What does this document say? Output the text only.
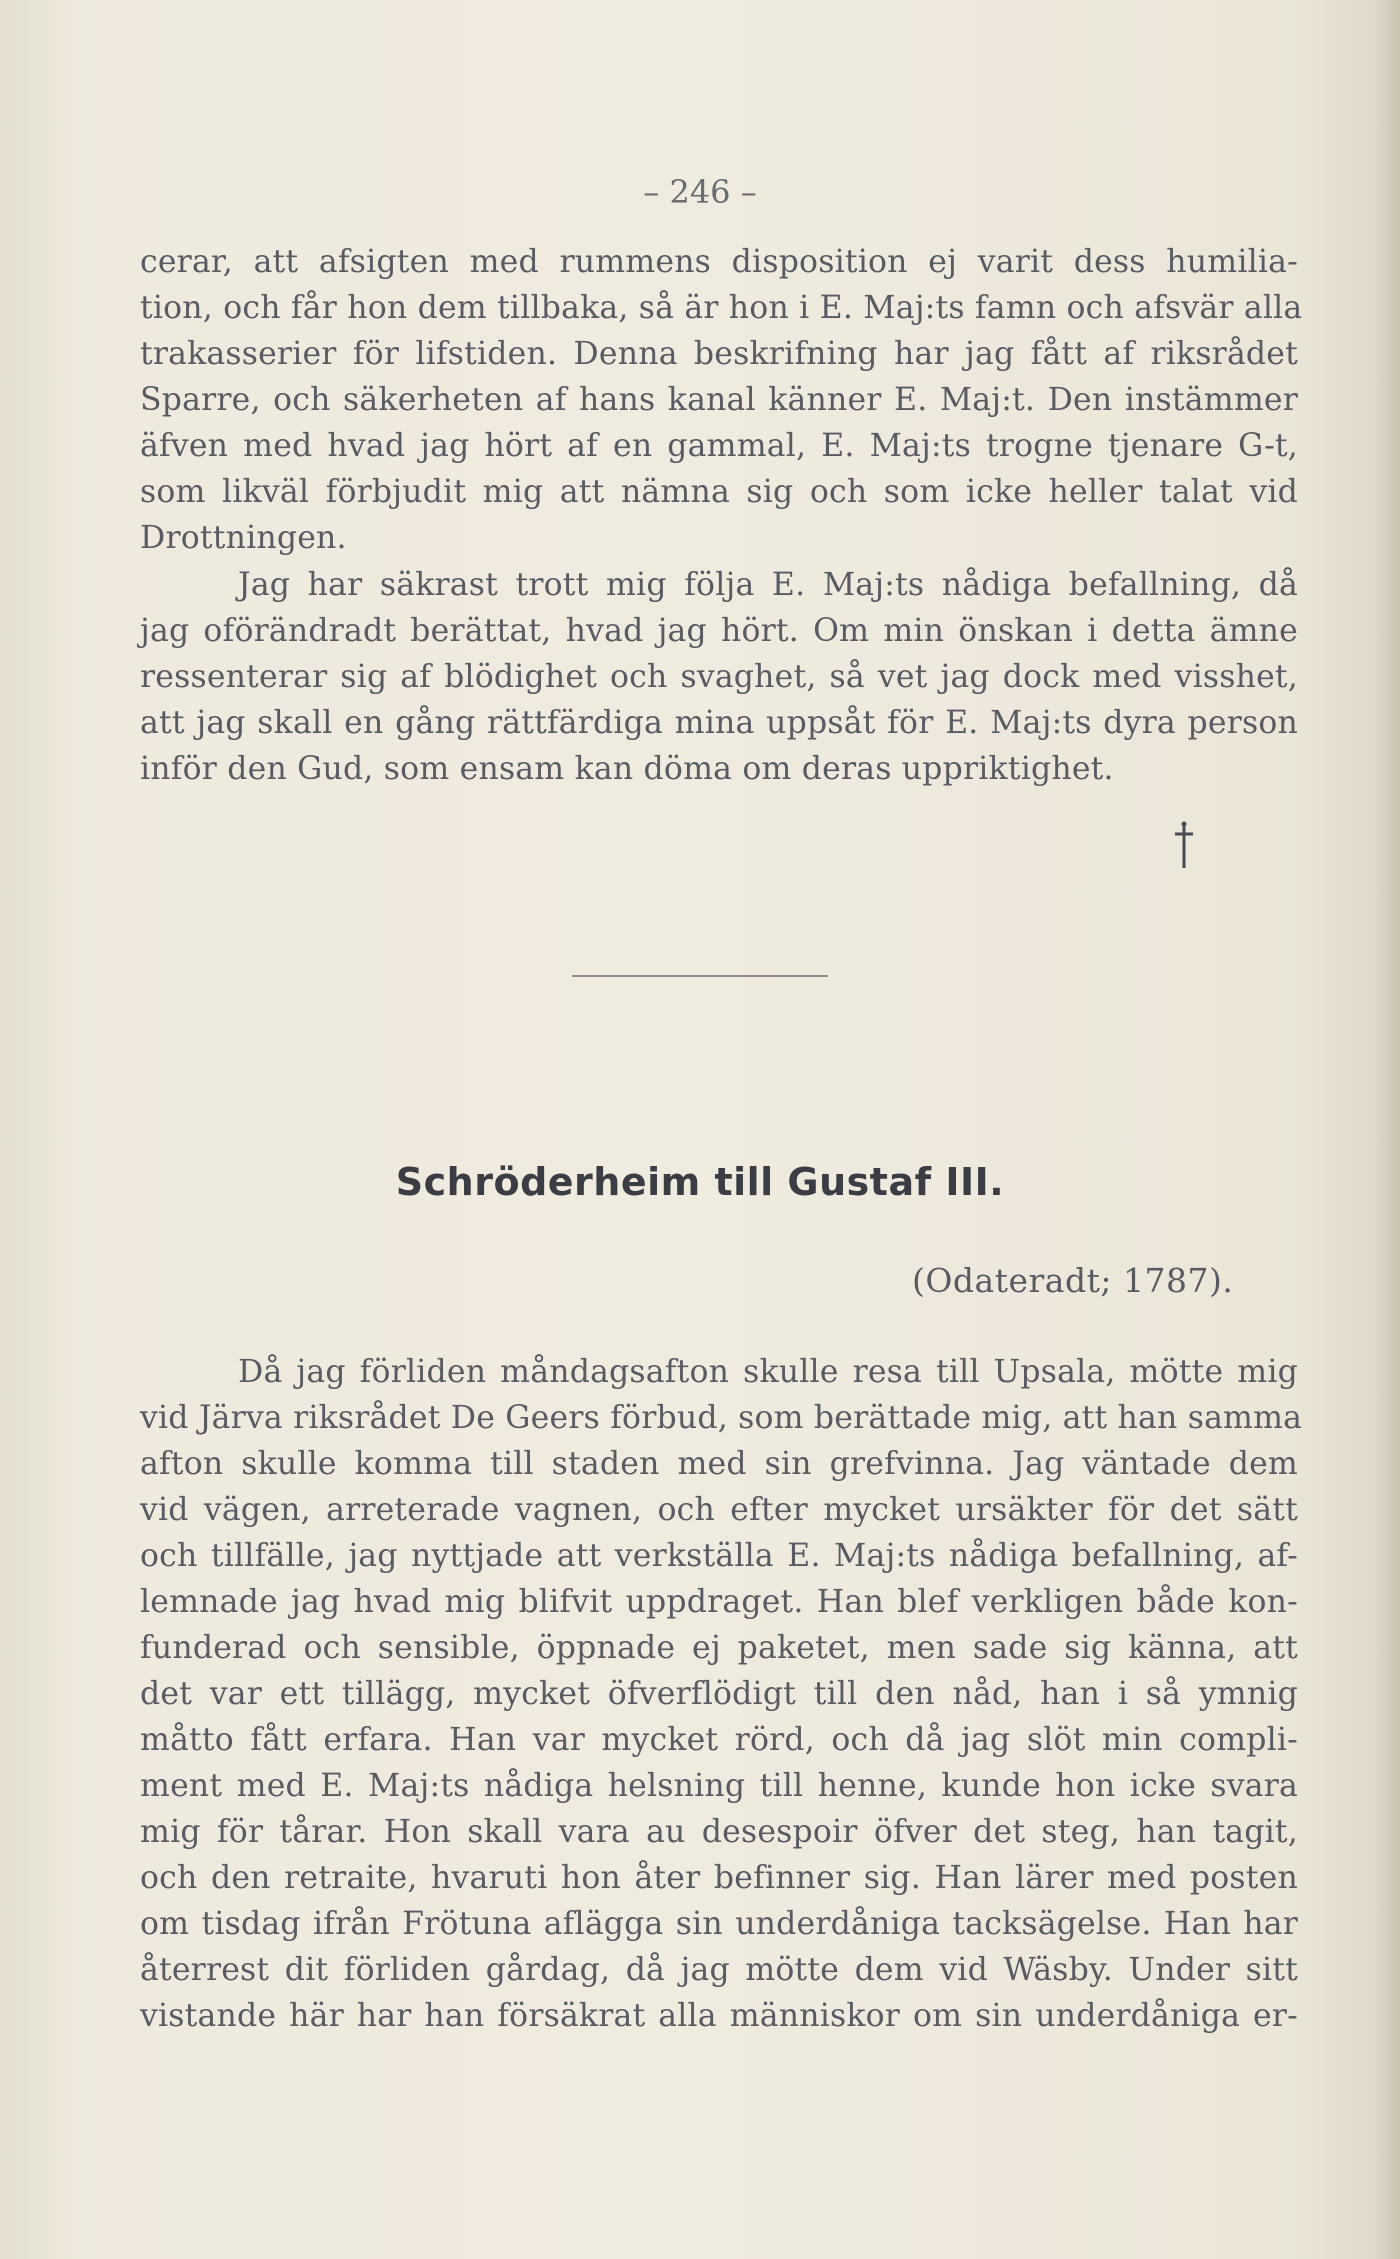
– 246 –
cerar, att afsigten med rummens disposition ej varit dess humilia-
tion, och får hon dem tillbaka, så är hon i E. Maj:ts famn och afsvär alla
trakasserier för lifstiden. Denna beskrifning har jag fått af riksrådet
Sparre, och säkerheten af hans kanal känner E. Maj:t. Den instämmer
äfven med hvad jag hört af en gammal, E. Maj:ts trogne tjenare G-t,
som likväl förbjudit mig att nämna sig och som icke heller talat vid
Drottningen.
Jag har säkrast trott mig följa E. Maj:ts nådiga befallning, då
jag oförändradt berättat, hvad jag hört. Om min önskan i detta ämne
ressenterar sig af blödighet och svaghet, så vet jag dock med visshet,
att jag skall en gång rättfärdiga mina uppsåt för E. Maj:ts dyra person
inför den Gud, som ensam kan döma om deras uppriktighet.
Schröderheim till Gustaf III.
(Odateradt; 1787).
Då jag förliden måndagsafton skulle resa till Upsala, mötte mig
vid Järva riksrådet De Geers förbud, som berättade mig, att han samma
afton skulle komma till staden med sin grefvinna. Jag väntade dem
vid vägen, arreterade vagnen, och efter mycket ursäkter för det sätt
och tillfälle, jag nyttjade att verkställa E. Maj:ts nådiga befallning, af-
lemnade jag hvad mig blifvit uppdraget. Han blef verkligen både kon-
funderad och sensible, öppnade ej paketet, men sade sig känna, att
det var ett tillägg, mycket öfverflödigt till den nåd, han i så ymnig
måtto fått erfara. Han var mycket rörd, och då jag slöt min compli-
ment med E. Maj:ts nådiga helsning till henne, kunde hon icke svara
mig för tårar. Hon skall vara au desespoir öfver det steg, han tagit,
och den retraite, hvaruti hon åter befinner sig. Han lärer med posten
om tisdag ifrån Frötuna aflägga sin underdåniga tacksägelse. Han har
återrest dit förliden gårdag, då jag mötte dem vid Wäsby. Under sitt
vistande här har han försäkrat alla människor om sin underdåniga er-
